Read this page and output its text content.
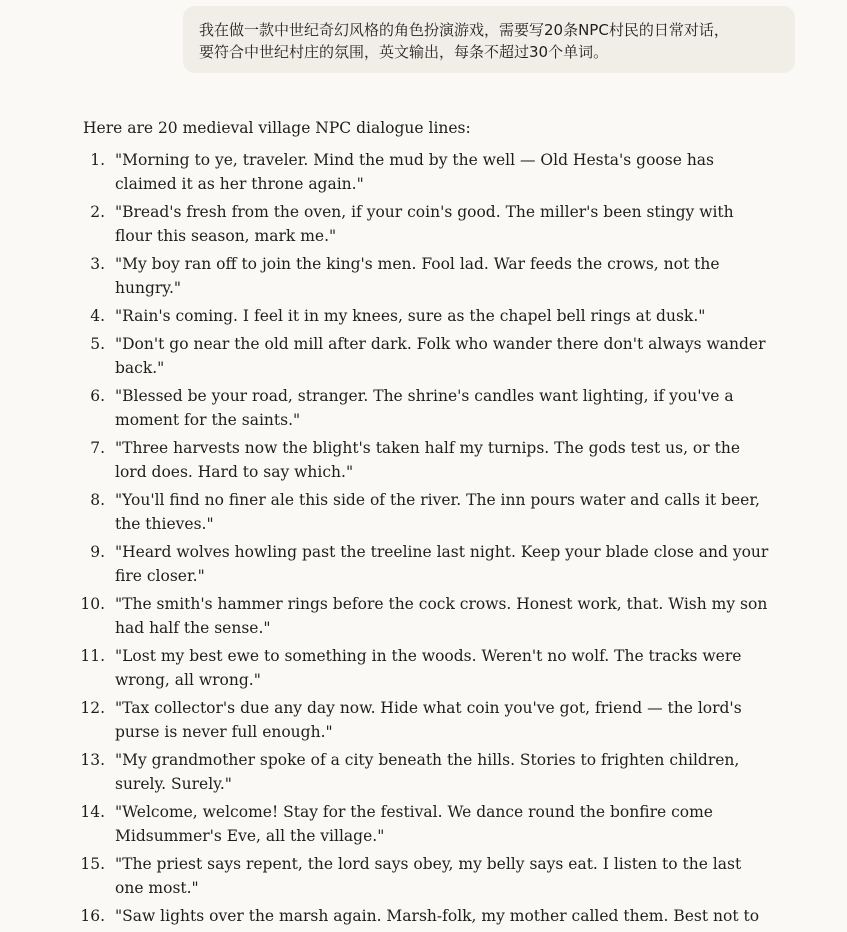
我在做一款中世纪奇幻风格的角色扮演游戏，需要写20条NPC村民的日常对话，

要符合中世纪村庄的氛围，英文输出，每条不超过30个单词。

Here are 20 medieval village NPC dialogue lines:

1. "Morning to ye, traveler. Mind the mud by the well — Old Hesta's goose has claimed it as her throne again."
2. "Bread's fresh from the oven, if your coin's good. The miller's been stingy with flour this season, mark me."
3. "My boy ran off to join the king's men. Fool lad. War feeds the crows, not the hungry."
4. "Rain's coming. I feel it in my knees, sure as the chapel bell rings at dusk."
5. "Don't go near the old mill after dark. Folk who wander there don't always wander back."
6. "Blessed be your road, stranger. The shrine's candles want lighting, if you've a moment for the saints."
7. "Three harvests now the blight's taken half my turnips. The gods test us, or the lord does. Hard to say which."
8. "You'll find no finer ale this side of the river. The inn pours water and calls it beer, the thieves."
9. "Heard wolves howling past the treeline last night. Keep your blade close and your fire closer."
10. "The smith's hammer rings before the cock crows. Honest work, that. Wish my son had half the sense."
11. "Lost my best ewe to something in the woods. Weren't no wolf. The tracks were wrong, all wrong."
12. "Tax collector's due any day now. Hide what coin you've got, friend — the lord's purse is never full enough."
13. "My grandmother spoke of a city beneath the hills. Stories to frighten children, surely. Surely."
14. "Welcome, welcome! Stay for the festival. We dance round the bonfire come Midsummer's Eve, all the village."
15. "The priest says repent, the lord says obey, my belly says eat. I listen to the last one most."
16. "Saw lights over the marsh again. Marsh-folk, my mother called them. Best not to
